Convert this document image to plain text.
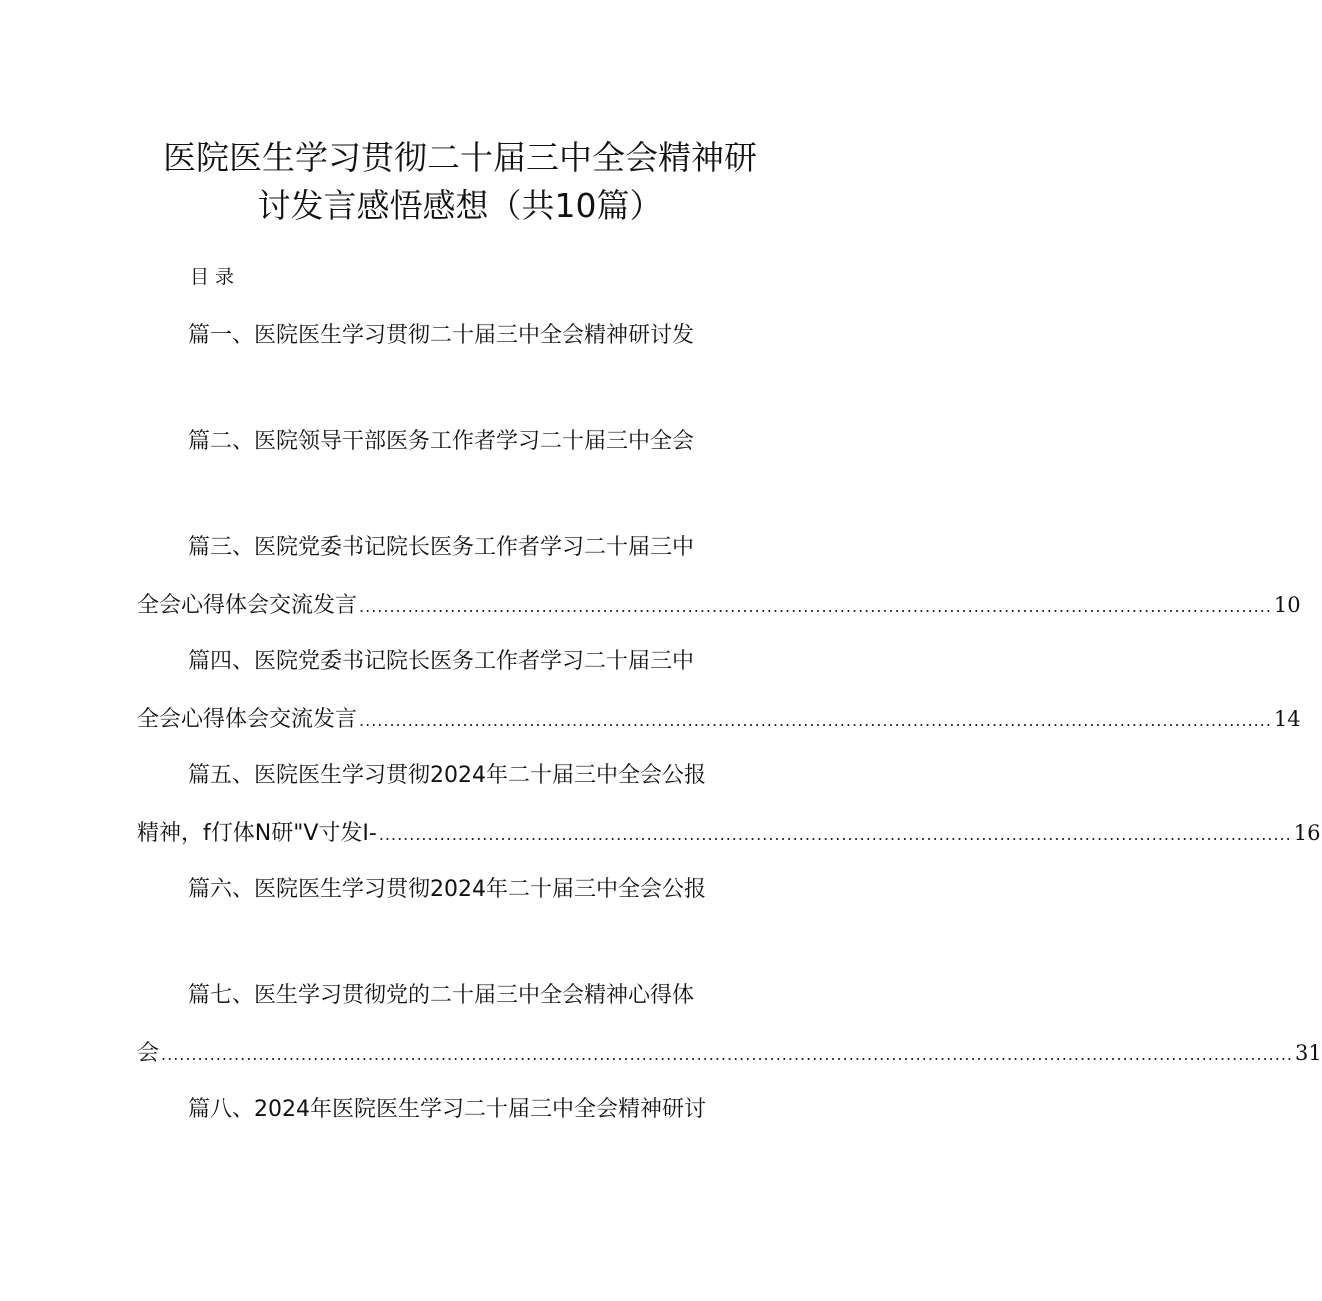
医院医生学习贯彻二十届三中全会精神研
讨发言感悟感想（共10篇）
目录
篇一、医院医生学习贯彻二十届三中全会精神研讨发
篇二、医院领导干部医务工作者学习二十届三中全会
篇三、医院党委书记院长医务工作者学习二十届三中
全会心得体会交流发言 ...................................................................................................................................................... 10
篇四、医院党委书记院长医务工作者学习二十届三中
全会心得体会交流发言 ...................................................................................................................................................... 14
篇五、医院医生学习贯彻2024年二十届三中全会公报
精神，f仃体N研"V寸发I- ...................................................................................................................................................... 16
篇六、医院医生学习贯彻2024年二十届三中全会公报
篇七、医生学习贯彻党的二十届三中全会精神心得体
会 .......................................................................................................................................................................................... 31
篇八、2024年医院医生学习二十届三中全会精神研讨
